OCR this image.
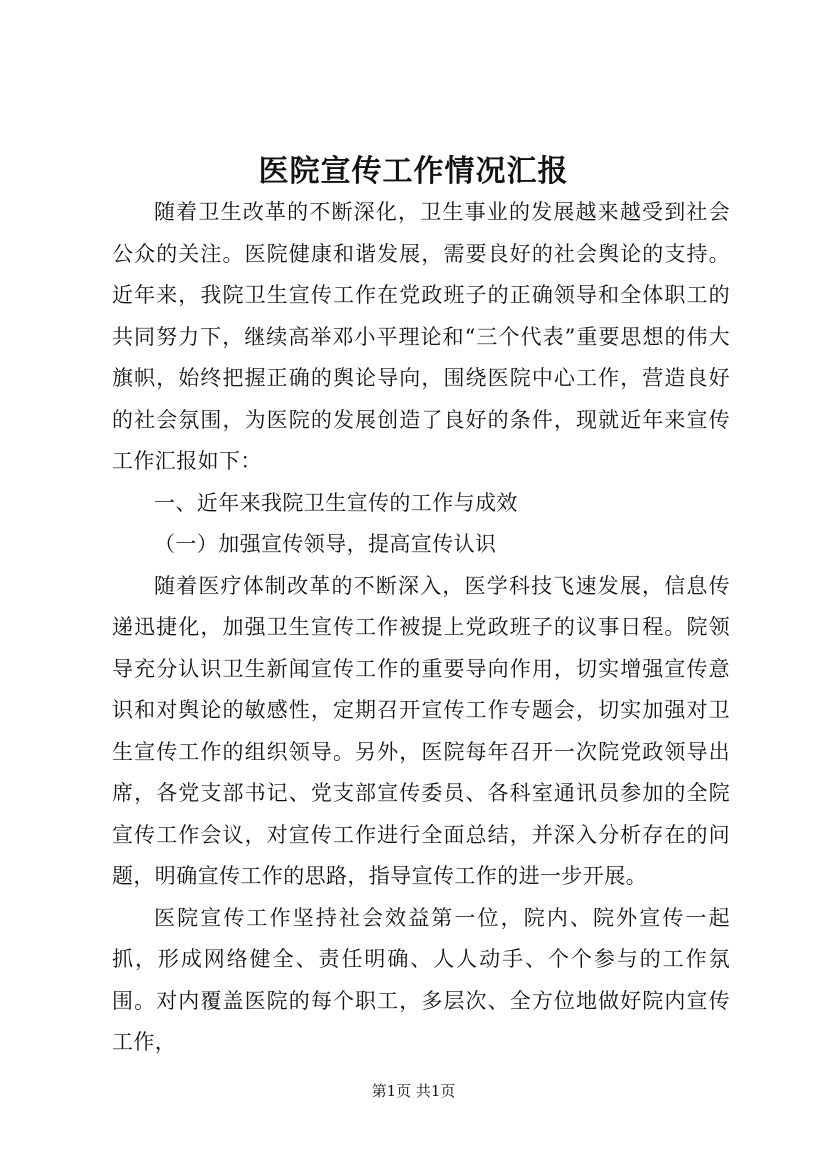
医院宣传工作情况汇报

随着卫生改革的不断深化，卫生事业的发展越来越受到社会公众的关注。医院健康和谐发展，需要良好的社会舆论的支持。近年来，我院卫生宣传工作在党政班子的正确领导和全体职工的共同努力下，继续高举邓小平理论和“三个代表”重要思想的伟大旗帜，始终把握正确的舆论导向，围绕医院中心工作，营造良好的社会氛围，为医院的发展创造了良好的条件，现就近年来宣传工作汇报如下：

一、近年来我院卫生宣传的工作与成效

（一）加强宣传领导，提高宣传认识

随着医疗体制改革的不断深入，医学科技飞速发展，信息传递迅捷化，加强卫生宣传工作被提上党政班子的议事日程。院领导充分认识卫生新闻宣传工作的重要导向作用，切实增强宣传意识和对舆论的敏感性，定期召开宣传工作专题会，切实加强对卫生宣传工作的组织领导。另外，医院每年召开一次院党政领导出席，各党支部书记、党支部宣传委员、各科室通讯员参加的全院宣传工作会议，对宣传工作进行全面总结，并深入分析存在的问题，明确宣传工作的思路，指导宣传工作的进一步开展。

医院宣传工作坚持社会效益第一位，院内、院外宣传一起抓，形成网络健全、责任明确、人人动手、个个参与的工作氛围。对内覆盖医院的每个职工，多层次、全方位地做好院内宣传工作，

第1页 共1页
